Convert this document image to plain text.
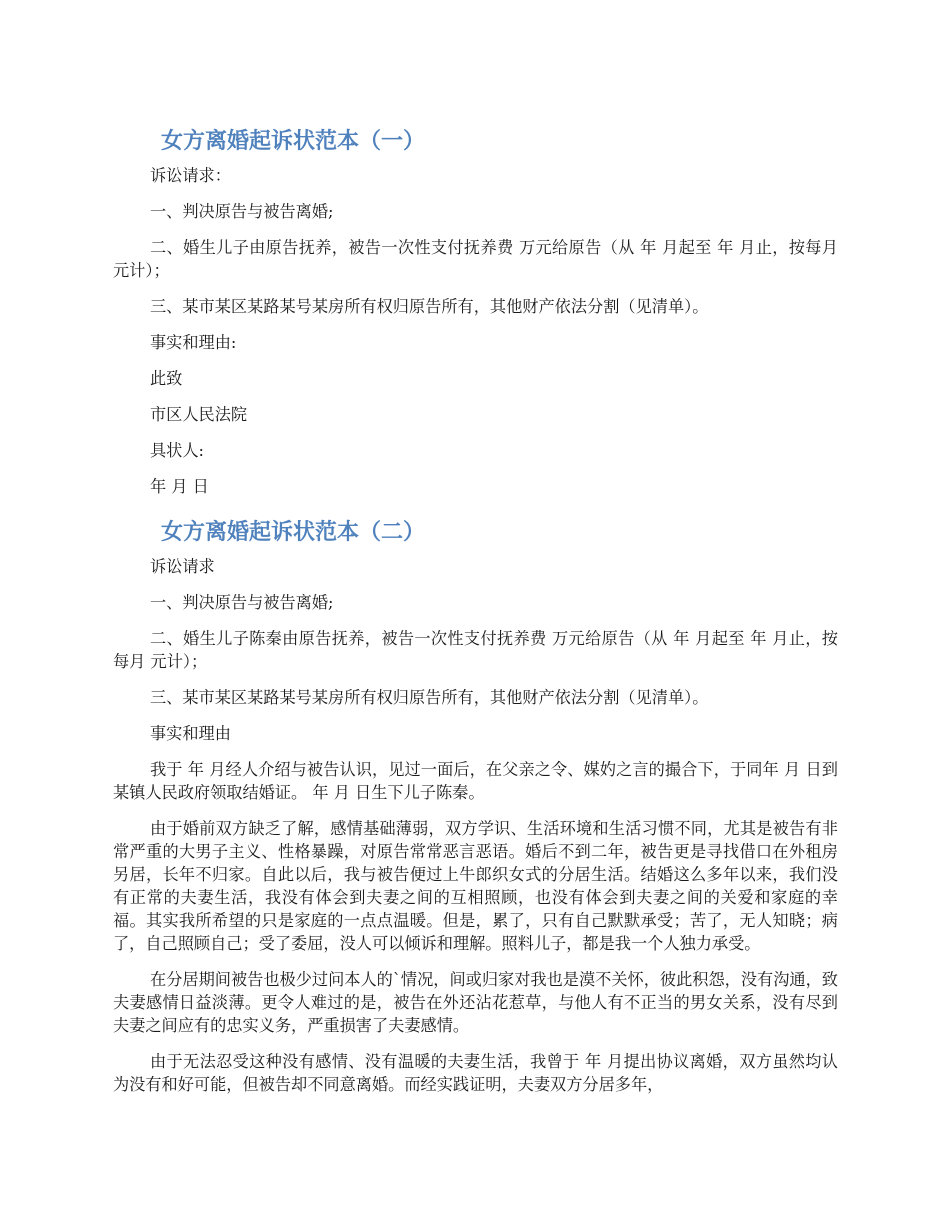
女方离婚起诉状范本（一）

诉讼请求：

一、判决原告与被告离婚;

二、婚生儿子由原告抚养，被告一次性支付抚养费 万元给原告（从 年 月起至 年 月止，按每月 元计）；

三、某市某区某路某号某房所有权归原告所有，其他财产依法分割（见清单）。

事实和理由:

此致

市区人民法院

具状人:

年 月 日

女方离婚起诉状范本（二）

诉讼请求

一、判决原告与被告离婚;

二、婚生儿子陈秦由原告抚养，被告一次性支付抚养费 万元给原告（从 年 月起至 年 月止，按每月 元计）；

三、某市某区某路某号某房所有权归原告所有，其他财产依法分割（见清单）。

事实和理由

我于 年 月经人介绍与被告认识，见过一面后，在父亲之令、媒妁之言的撮合下，于同年 月 日到某镇人民政府领取结婚证。 年 月 日生下儿子陈秦。

由于婚前双方缺乏了解，感情基础薄弱，双方学识、生活环境和生活习惯不同，尤其是被告有非常严重的大男子主义、性格暴躁，对原告常常恶言恶语。婚后不到二年，被告更是寻找借口在外租房另居，长年不归家。自此以后，我与被告便过上牛郎织女式的分居生活。结婚这么多年以来，我们没有正常的夫妻生活，我没有体会到夫妻之间的互相照顾，也没有体会到夫妻之间的关爱和家庭的幸福。其实我所希望的只是家庭的一点点温暖。但是，累了，只有自己默默承受；苦了，无人知晓；病了，自己照顾自己；受了委屈，没人可以倾诉和理解。照料儿子，都是我一个人独力承受。

在分居期间被告也极少过问本人的`情况，间或归家对我也是漠不关怀，彼此积怨，没有沟通，致夫妻感情日益淡薄。更令人难过的是，被告在外还沾花惹草，与他人有不正当的男女关系，没有尽到夫妻之间应有的忠实义务，严重损害了夫妻感情。

由于无法忍受这种没有感情、没有温暖的夫妻生活，我曾于 年 月提出协议离婚，双方虽然均认为没有和好可能，但被告却不同意离婚。而经实践证明，夫妻双方分居多年，
